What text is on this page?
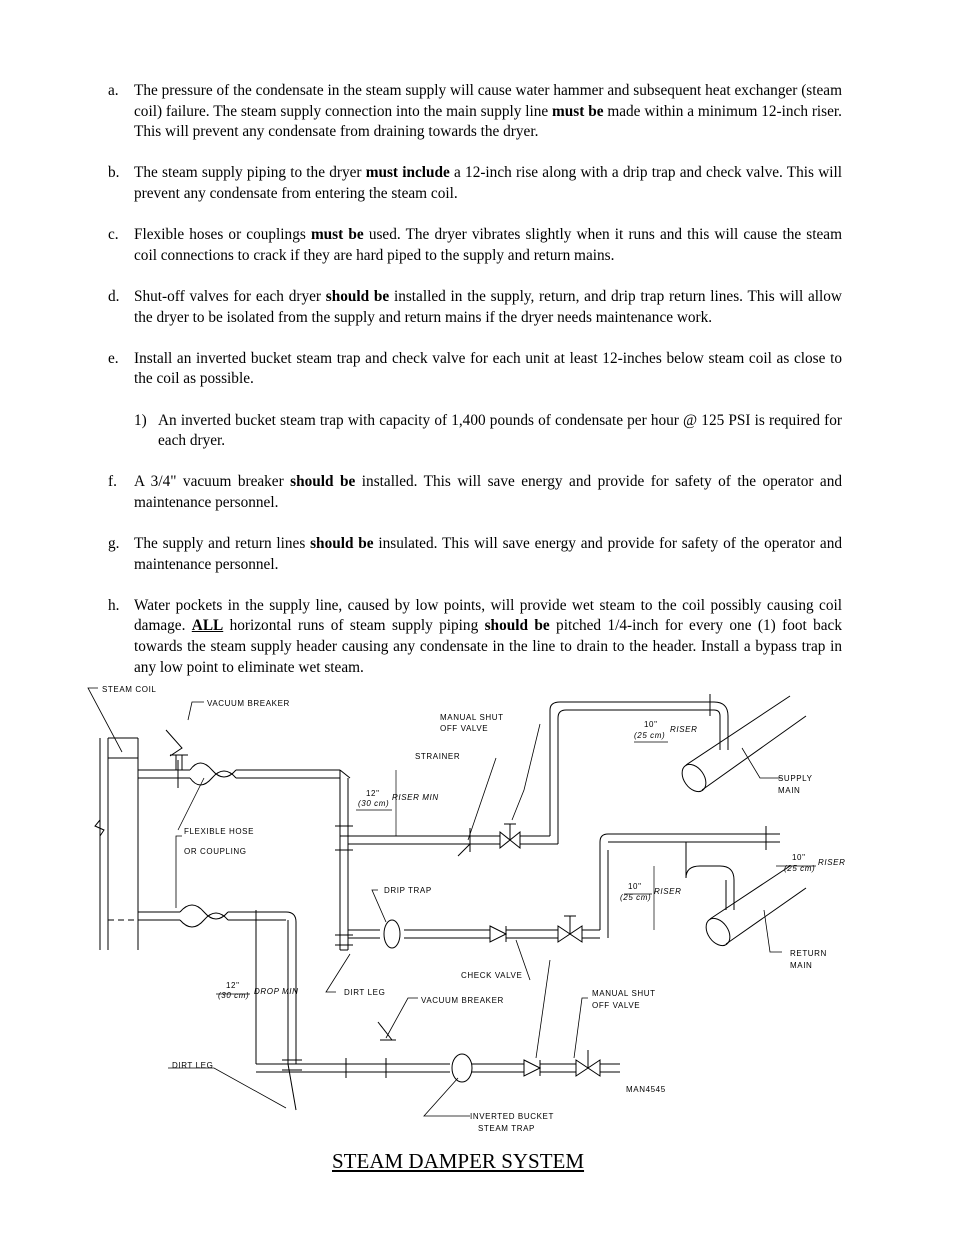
a.	The pressure of the condensate in the steam supply will cause water hammer and subsequent heat exchanger (steam coil) failure. The steam supply connection into the main supply line must be made within a minimum 12-inch riser. This will prevent any condensate from draining towards the dryer.
b. The steam supply piping to the dryer must include a 12-inch rise along with a drip trap and check valve. This will prevent any condensate from entering the steam coil.
c.	Flexible hoses or couplings must be used. The dryer vibrates slightly when it runs and this will cause the steam coil connections to crack if they are hard piped to the supply and return mains.
d. Shut-off valves for each dryer should be installed in the supply, return, and drip trap return lines. This will allow the dryer to be isolated from the supply and return mains if the dryer needs maintenance work.
e.	Install an inverted bucket steam trap and check valve for each unit at least 12-inches below steam coil as close to the coil as possible.
1) An inverted bucket steam trap with capacity of 1,400 pounds of condensate per hour @ 125 PSI is required for each dryer.
f.	A 3/4" vacuum breaker should be installed. This will save energy and provide for safety of the operator and maintenance personnel.
g. The supply and return lines should be insulated. This will save energy and provide for safety of the operator and maintenance personnel.
h. Water pockets in the supply line, caused by low points, will provide wet steam to the coil possibly causing coil damage. ALL horizontal runs of steam supply piping should be pitched 1/4-inch for every one (1) foot back towards the steam supply header causing any condensate in the line to drain to the header. Install a bypass trap in any low point to eliminate wet steam.
STEAM COIL
VACUUM BREAKER
MANUAL SHUT
OFF VALVE
STRAINER
FLEXIBLE HOSE
OR COUPLING
SUPPLY
MAIN
RETURN
MAIN
12"
(30 cm)
RISER MIN
12"
(30 cm) DROP MIN
10"
(25 cm)
RISER
10"
(25 cm)
RISER
10"
(25 cm)
RISER
DRIP TRAP
CHECK VALVE
DIRT LEG
VACUUM BREAKER
MANUAL SHUT
OFF VALVE
DIRT LEG
INVERTED BUCKET
STEAM TRAP
MAN4545
STEAM DAMPER SYSTEM
